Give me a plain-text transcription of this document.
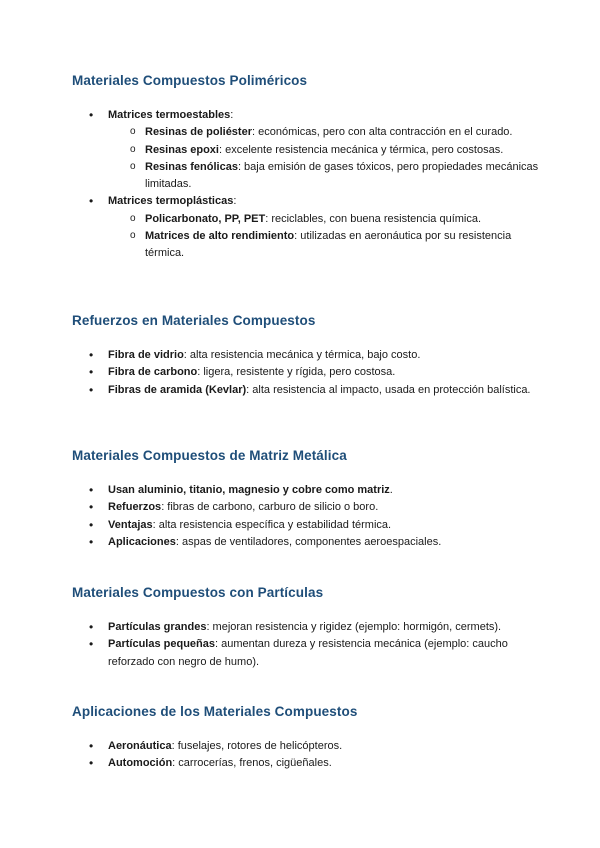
Materiales Compuestos Poliméricos
• Matrices termoestables:
o Resinas de poliéster: económicas, pero con alta contracción en el curado.
o Resinas epoxi: excelente resistencia mecánica y térmica, pero costosas.
o Resinas fenólicas: baja emisión de gases tóxicos, pero propiedades mecánicas limitadas.
• Matrices termoplásticas:
o Policarbonato, PP, PET: reciclables, con buena resistencia química.
o Matrices de alto rendimiento: utilizadas en aeronáutica por su resistencia térmica.
Refuerzos en Materiales Compuestos
• Fibra de vidrio: alta resistencia mecánica y térmica, bajo costo.
• Fibra de carbono: ligera, resistente y rígida, pero costosa.
• Fibras de aramida (Kevlar): alta resistencia al impacto, usada en protección balística.
Materiales Compuestos de Matriz Metálica
• Usan aluminio, titanio, magnesio y cobre como matriz.
• Refuerzos: fibras de carbono, carburo de silicio o boro.
• Ventajas: alta resistencia específica y estabilidad térmica.
• Aplicaciones: aspas de ventiladores, componentes aeroespaciales.
Materiales Compuestos con Partículas
• Partículas grandes: mejoran resistencia y rigidez (ejemplo: hormigón, cermets).
• Partículas pequeñas: aumentan dureza y resistencia mecánica (ejemplo: caucho reforzado con negro de humo).
Aplicaciones de los Materiales Compuestos
• Aeronáutica: fuselajes, rotores de helicópteros.
• Automoción: carrocerías, frenos, cigüeñales.
